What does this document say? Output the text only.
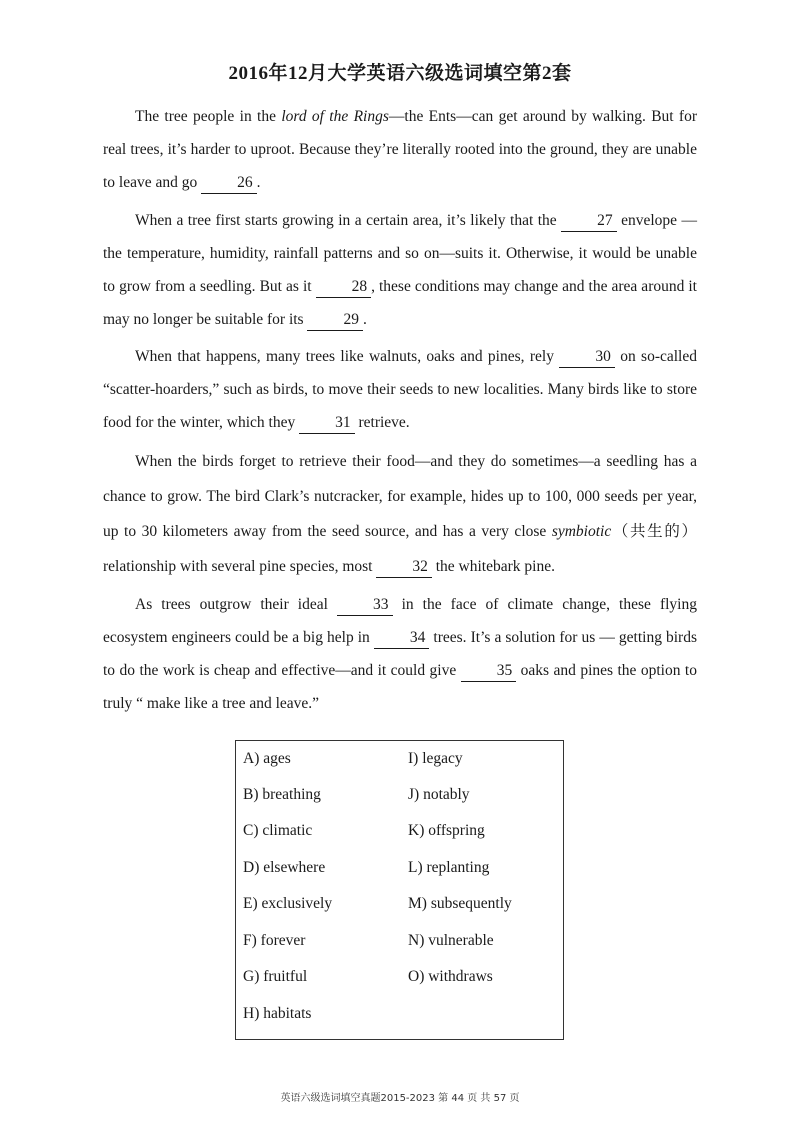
2016年12月大学英语六级选词填空第2套
The tree people in the lord of the Rings—the Ents—can get around by walking. But for real trees, it’s harder to uproot. Because they’re literally rooted into the ground, they are unable to leave and go 26 .
When a tree first starts growing in a certain area, it’s likely that the 27 envelope — the temperature, humidity, rainfall patterns and so on—suits it. Otherwise, it would be unable to grow from a seedling. But as it 28 , these conditions may change and the area around it may no longer be suitable for its 29 .
When that happens, many trees like walnuts, oaks and pines, rely 30 on so-called “scatter-hoarders,” such as birds, to move their seeds to new localities. Many birds like to store food for the winter, which they 31 retrieve.
When the birds forget to retrieve their food—and they do sometimes—a seedling has a chance to grow. The bird Clark’s nutcracker, for example, hides up to 100, 000 seeds per year, up to 30 kilometers away from the seed source, and has a very close symbiotic（共生的）relationship with several pine species, most 32 the whitebark pine.
As trees outgrow their ideal 33 in the face of climate change, these flying ecosystem engineers could be a big help in 34 trees. It’s a solution for us — getting birds to do the work is cheap and effective—and it could give 35 oaks and pines the option to truly “ make like a tree and leave.”
A) ages
B) breathing
C) climatic
D) elsewhere
E) exclusively
F) forever
G) fruitful
H) habitats
I) legacy
J) notably
K) offspring
L) replanting
M) subsequently
N) vulnerable
O) withdraws
英语六级选词填空真题2015-2023 第 44 页 共 57 页
